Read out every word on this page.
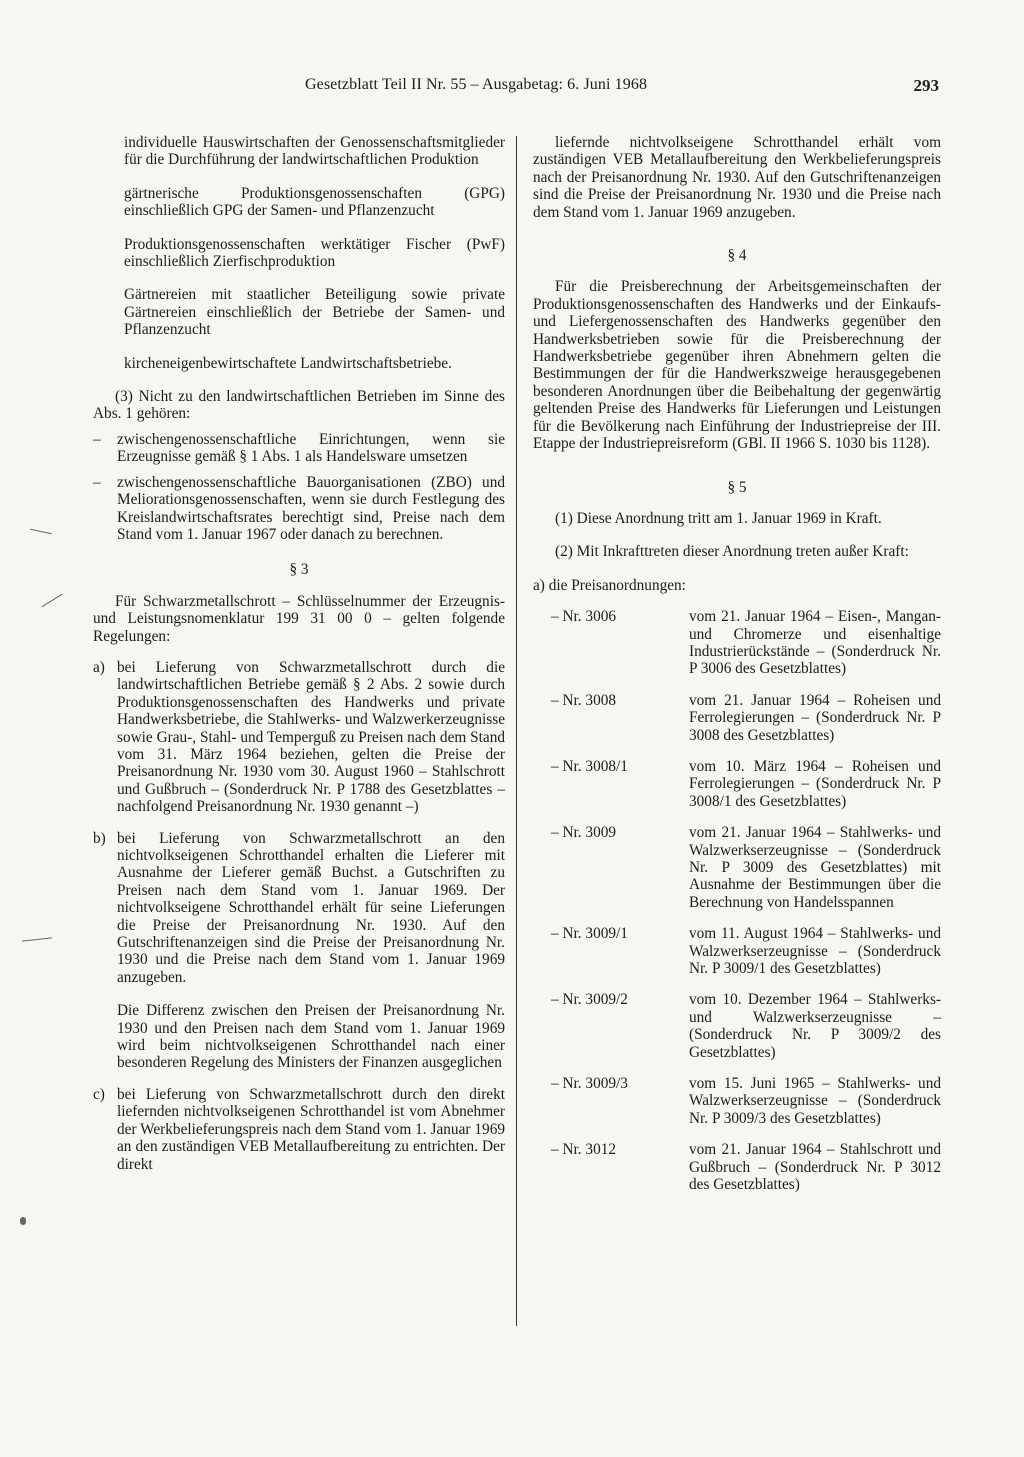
Gesetzblatt Teil II Nr. 55 – Ausgabetag: 6. Juni 1968	293

individuelle Hauswirtschaften der Genossenschaftsmitglieder für die Durchführung der landwirtschaftlichen Produktion

gärtnerische Produktionsgenossenschaften (GPG) einschließlich GPG der Samen- und Pflanzenzucht

Produktionsgenossenschaften werktätiger Fischer (PwF) einschließlich Zierfischproduktion

Gärtnereien mit staatlicher Beteiligung sowie private Gärtnereien einschließlich der Betriebe der Samen- und Pflanzenzucht

kircheneigenbewirtschaftete Landwirtschaftsbetriebe.

(3) Nicht zu den landwirtschaftlichen Betrieben im Sinne des Abs. 1 gehören:

–	zwischengenossenschaftliche Einrichtungen, wenn sie Erzeugnisse gemäß § 1 Abs. 1 als Handelsware umsetzen
–	zwischengenossenschaftliche Bauorganisationen (ZBO) und Meliorationsgenossenschaften, wenn sie durch Festlegung des Kreislandwirtschaftsrates berechtigt sind, Preise nach dem Stand vom 1. Januar 1967 oder danach zu berechnen.

§ 3

Für Schwarzmetallschrott – Schlüsselnummer der Erzeugnis- und Leistungsnomenklatur 199 31 00 0 – gelten folgende Regelungen:

a) bei Lieferung von Schwarzmetallschrott durch die landwirtschaftlichen Betriebe gemäß § 2 Abs. 2 sowie durch Produktionsgenossenschaften des Handwerks und private Handwerksbetriebe, die Stahlwerks- und Walzwerkerzeugnisse sowie Grau-, Stahl- und Temperguß zu Preisen nach dem Stand vom 31. März 1964 beziehen, gelten die Preise der Preisanordnung Nr. 1930 vom 30. August 1960 – Stahlschrott und Gußbruch – (Sonderdruck Nr. P 1788 des Gesetzblattes – nachfolgend Preisanordnung Nr. 1930 genannt –)
b) bei Lieferung von Schwarzmetallschrott an den nichtvolkseigenen Schrotthandel erhalten die Lieferer mit Ausnahme der Lieferer gemäß Buchst. a Gutschriften zu Preisen nach dem Stand vom 1. Januar 1969. Der nichtvolkseigene Schrotthandel erhält für seine Lieferungen die Preise der Preisanordnung Nr. 1930. Auf den Gutschriftenanzeigen sind die Preise der Preisanordnung Nr. 1930 und die Preise nach dem Stand vom 1. Januar 1969 anzugeben.

Die Differenz zwischen den Preisen der Preisanordnung Nr. 1930 und den Preisen nach dem Stand vom 1. Januar 1969 wird beim nichtvolkseigenen Schrotthandel nach einer besonderen Regelung des Ministers der Finanzen ausgeglichen

c) bei Lieferung von Schwarzmetallschrott durch den direkt liefernden nichtvolkseigenen Schrotthandel ist vom Abnehmer der Werkbelieferungspreis nach dem Stand vom 1. Januar 1969 an den zuständigen VEB Metallaufbereitung zu entrichten. Der direkt

liefernde nichtvolkseigene Schrotthandel erhält vom zuständigen VEB Metallaufbereitung den Werkbelieferungspreis nach der Preisanordnung Nr. 1930. Auf den Gutschriftenanzeigen sind die Preise der Preisanordnung Nr. 1930 und die Preise nach dem Stand vom 1. Januar 1969 anzugeben.

§ 4

Für die Preisberechnung der Arbeitsgemeinschaften der Produktionsgenossenschaften des Handwerks und der Einkaufs- und Liefergenossenschaften des Handwerks gegenüber den Handwerksbetrieben sowie für die Preisberechnung der Handwerksbetriebe gegenüber ihren Abnehmern gelten die Bestimmungen der für die Handwerkszweige herausgegebenen besonderen Anordnungen über die Beibehaltung der gegenwärtig geltenden Preise des Handwerks für Lieferungen und Leistungen für die Bevölkerung nach Einführung der Industriepreise der III. Etappe der Industriepreisreform (GBl. II 1966 S. 1030 bis 1128).

§ 5

(1) Diese Anordnung tritt am 1. Januar 1969 in Kraft.

(2) Mit Inkrafttreten dieser Anordnung treten außer Kraft:

a) die Preisanordnungen:

– Nr. 3006	vom 21. Januar 1964 – Eisen-, Mangan- und Chromerze und eisenhaltige Industrierückstände – (Sonderdruck Nr. P 3006 des Gesetzblattes)
– Nr. 3008	vom 21. Januar 1964 – Roheisen und Ferrolegierungen – (Sonderdruck Nr. P 3008 des Gesetzblattes)
– Nr. 3008/1	vom 10. März 1964 – Roheisen und Ferrolegierungen – (Sonderdruck Nr. P 3008/1 des Gesetzblattes)
– Nr. 3009	vom 21. Januar 1964 – Stahlwerks- und Walzwerkserzeugnisse – (Sonderdruck Nr. P 3009 des Gesetzblattes) mit Ausnahme der Bestimmungen über die Berechnung von Handelsspannen
– Nr. 3009/1	vom 11. August 1964 – Stahlwerks- und Walzwerkserzeugnisse – (Sonderdruck Nr. P 3009/1 des Gesetzblattes)
– Nr. 3009/2	vom 10. Dezember 1964 – Stahlwerks- und Walzwerkserzeugnisse – (Sonderdruck Nr. P 3009/2 des Gesetzblattes)
– Nr. 3009/3	vom 15. Juni 1965 – Stahlwerks- und Walzwerkserzeugnisse – (Sonderdruck Nr. P 3009/3 des Gesetzblattes)
– Nr. 3012	vom 21. Januar 1964 – Stahlschrott und Gußbruch – (Sonderdruck Nr. P 3012 des Gesetzblattes)
